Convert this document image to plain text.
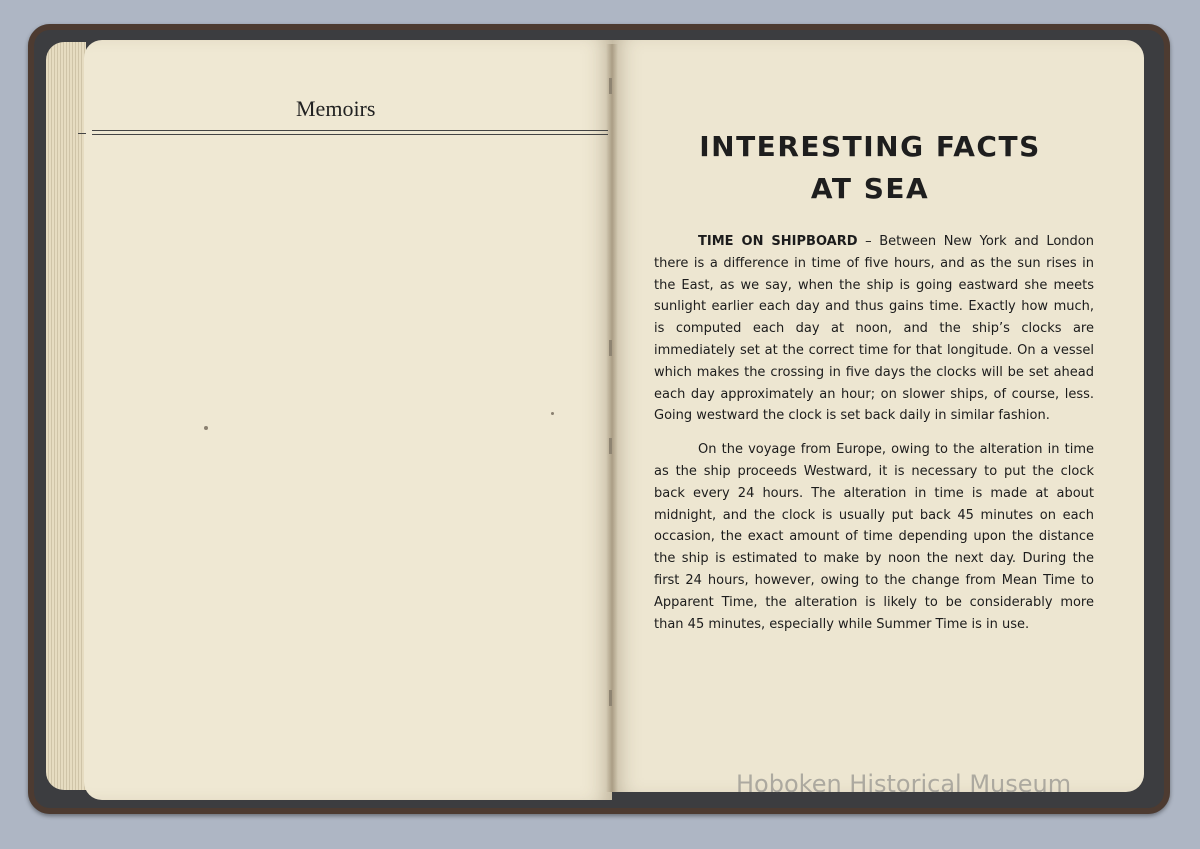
Memoirs
INTERESTING FACTS
AT SEA

TIME ON SHIPBOARD – Between New York and London there is a difference in time of five hours, and as the sun rises in the East, as we say, when the ship is going eastward she meets sunlight earlier each day and thus gains time. Exactly how much, is computed each day at noon, and the ship’s clocks are immediately set at the correct time for that longitude. On a vessel which makes the crossing in five days the clocks will be set ahead each day approximately an hour; on slower ships, of course, less. Going westward the clock is set back daily in similar fashion.

On the voyage from Europe, owing to the alteration in time as the ship proceeds Westward, it is necessary to put the clock back every 24 hours. The alteration in time is made at about midnight, and the clock is usually put back 45 minutes on each occasion, the exact amount of time depending upon the distance the ship is estimated to make by noon the next day. During the first 24 hours, however, owing to the change from Mean Time to Apparent Time, the alteration is likely to be considerably more than 45 minutes, especially while Summer Time is in use.

Hoboken Historical Museum
